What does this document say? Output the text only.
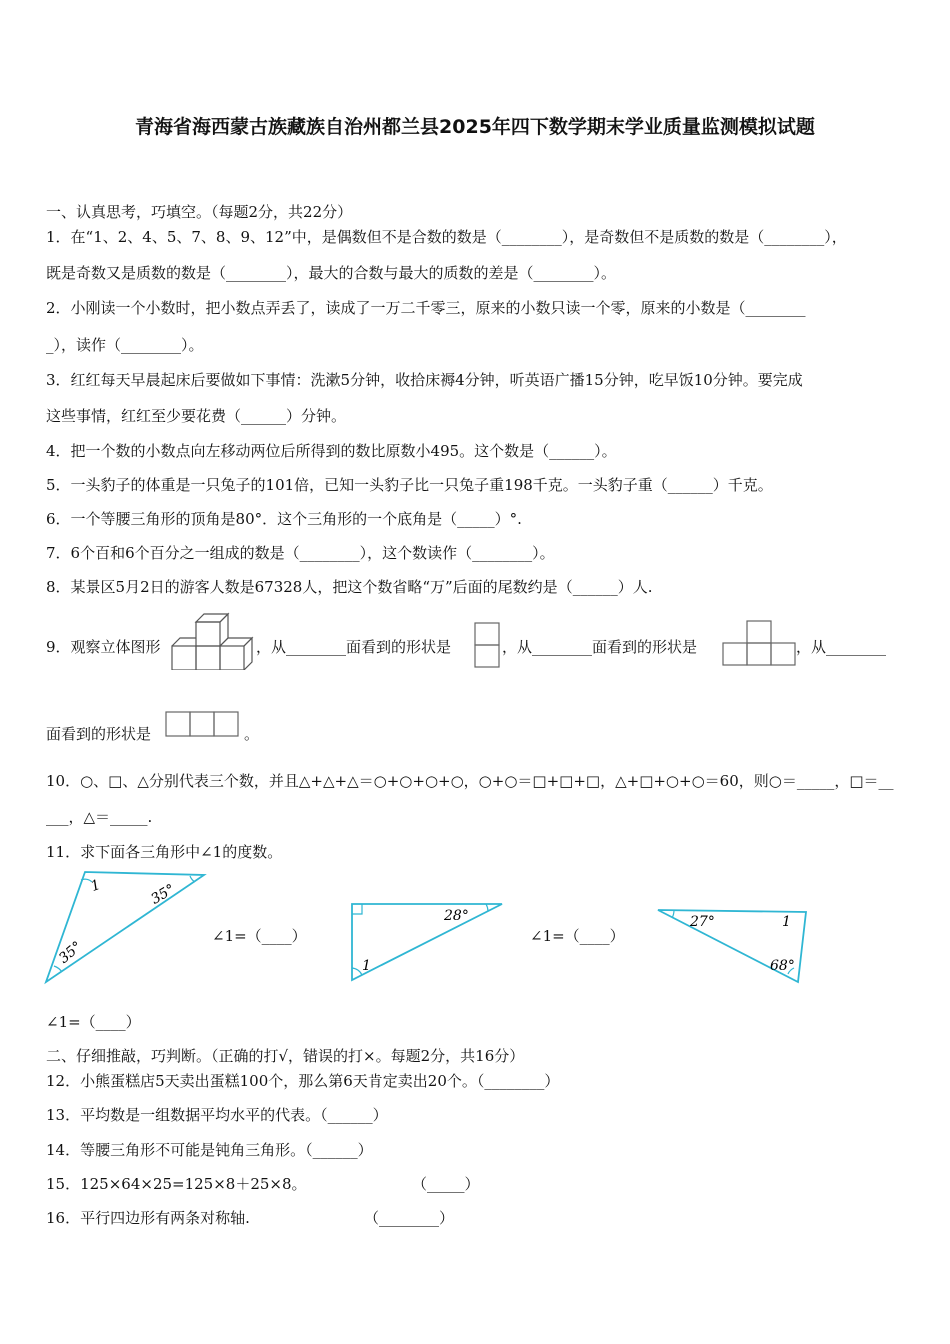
青海省海西蒙古族藏族自治州都兰县2025年四下数学期末学业质量监测模拟试题
一、认真思考，巧填空。（每题2分，共22分）
1．在“1、2、4、5、7、8、9、12”中，是偶数但不是合数的数是（________），是奇数但不是质数的数是（________），
既是奇数又是质数的数是（________），最大的合数与最大的质数的差是（________）。
2．小刚读一个小数时，把小数点弄丢了，读成了一万二千零三，原来的小数只读一个零，原来的小数是（________
_），读作（________）。
3．红红每天早晨起床后要做如下事情：洗漱5分钟，收拾床褥4分钟，听英语广播15分钟，吃早饭10分钟。要完成
这些事情，红红至少要花费（______）分钟。
4．把一个数的小数点向左移动两位后所得到的数比原数小495。这个数是（______）。
5．一头豹子的体重是一只兔子的101倍，已知一头豹子比一只兔子重198千克。一头豹子重（______）千克。
6．一个等腰三角形的顶角是80°．这个三角形的一个底角是（_____）°.
7．6个百和6个百分之一组成的数是（________），这个数读作（________）。
8．某景区5月2日的游客人数是67328人，把这个数省略“万”后面的尾数约是（______）人.
9．观察立体图形	，从________面看到的形状是	，从________面看到的形状是	，从________
面看到的形状是	。
10．○、□、△分别代表三个数，并且△+△+△＝○+○+○+○，○+○＝□+□+□，△+□+○+○＝60，则○＝_____，□＝__
___，△＝_____.
11．求下面各三角形中∠1的度数。
1	35°
35°
∠1=（____）
28°
1
∠1=（____）
27°	1
68°
∠1=（____）
二、仔细推敲，巧判断。（正确的打√，错误的打×。每题2分，共16分）
12．小熊蛋糕店5天卖出蛋糕100个，那么第6天肯定卖出20个。（________）
13．平均数是一组数据平均水平的代表。（______）
14．等腰三角形不可能是钝角三角形。（______）
15．125×64×25=125×8＋25×8。	（_____）
16．平行四边形有两条对称轴.	（________）
